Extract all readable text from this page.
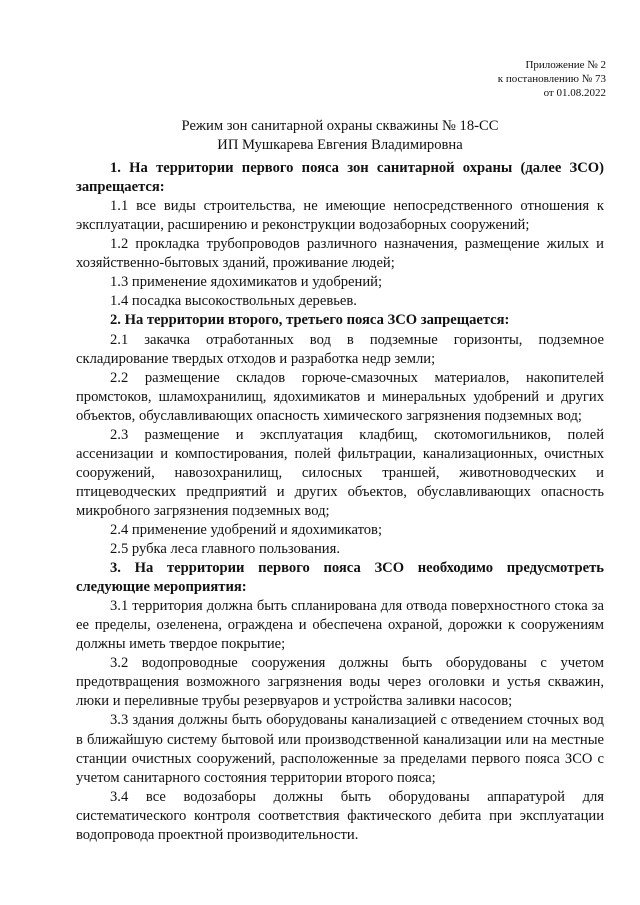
Приложение № 2
к постановлению № 73
от 01.08.2022

Режим зон санитарной охраны скважины № 18-СС

ИП Мушкарева Евгения Владимировна

1. На территории первого пояса зон санитарной охраны (далее ЗСО) запрещается:

1.1 все виды строительства, не имеющие непосредственного отношения к эксплуатации, расширению и реконструкции водозаборных сооружений;

1.2 прокладка трубопроводов различного назначения, размещение жилых и хозяйственно-бытовых зданий, проживание людей;

1.3 применение ядохимикатов и удобрений;

1.4 посадка высокоствольных деревьев.

2. На территории второго, третьего пояса ЗСО запрещается:

2.1 закачка отработанных вод в подземные горизонты, подземное складирование твердых отходов и разработка недр земли;

2.2 размещение складов горюче-смазочных материалов, накопителей промстоков, шламохранилищ, ядохимикатов и минеральных удобрений и других объектов, обуславливающих опасность химического загрязнения подземных вод;

2.3 размещение и эксплуатация кладбищ, скотомогильников, полей ассенизации и компостирования, полей фильтрации, канализационных, очистных сооружений, навозохранилищ, силосных траншей, животноводческих и птицеводческих предприятий и других объектов, обуславливающих опасность микробного загрязнения подземных вод;

2.4 применение удобрений и ядохимикатов;

2.5 рубка леса главного пользования.

3. На территории первого пояса ЗСО необходимо предусмотреть следующие мероприятия:

3.1 территория должна быть спланирована для отвода поверхностного стока за ее пределы, озеленена, ограждена и обеспечена охраной, дорожки к сооружениям должны иметь твердое покрытие;

3.2 водопроводные сооружения должны быть оборудованы с учетом предотвращения возможного загрязнения воды через оголовки и устья скважин, люки и переливные трубы резервуаров и устройства заливки насосов;

3.3 здания должны быть оборудованы канализацией с отведением сточных вод в ближайшую систему бытовой или производственной канализации или на местные станции очистных сооружений, расположенные за пределами первого пояса ЗСО с учетом санитарного состояния территории второго пояса;

3.4 все водозаборы должны быть оборудованы аппаратурой для систематического контроля соответствия фактического дебита при эксплуатации водопровода проектной производительности.
